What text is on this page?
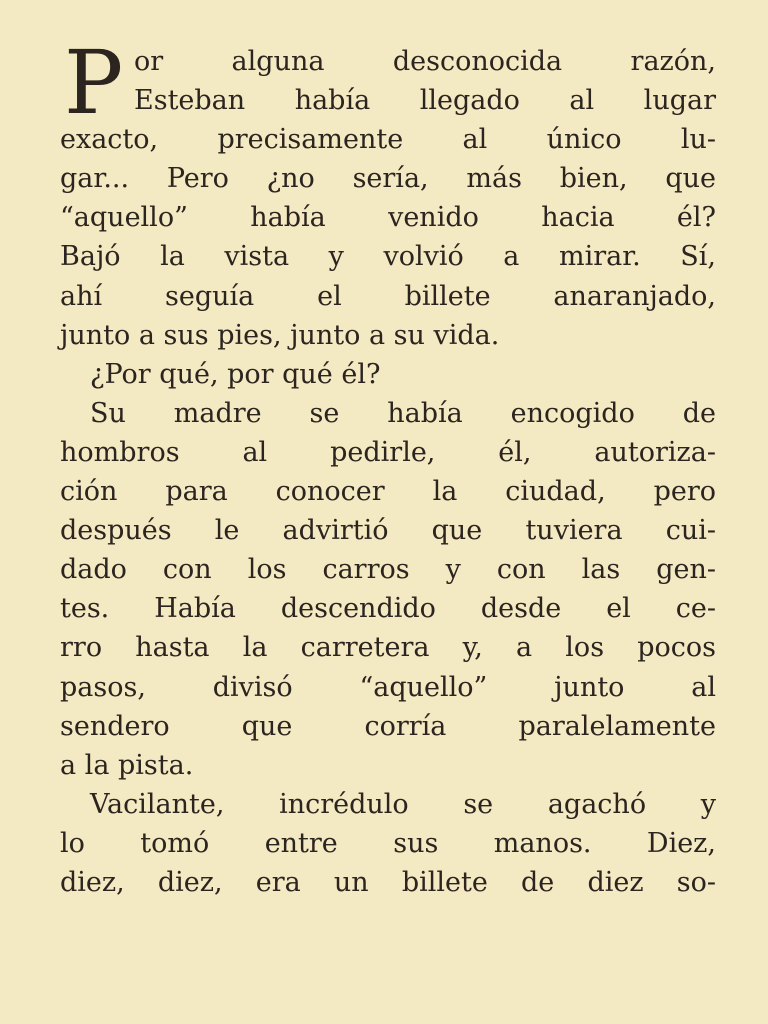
P or alguna desconocida razón,
Esteban había llegado al lugar
exacto, precisamente al único lu-
gar... Pero ¿no sería, más bien, que
“aquello” había venido hacia él?
Bajó la vista y volvió a mirar. Sí,
ahí seguía el billete anaranjado,
junto a sus pies, junto a su vida.
¿Por qué, por qué él?
Su madre se había encogido de
hombros al pedirle, él, autoriza-
ción para conocer la ciudad, pero
después le advirtió que tuviera cui-
dado con los carros y con las gen-
tes. Había descendido desde el ce-
rro hasta la carretera y, a los pocos
pasos, divisó “aquello” junto al
sendero que corría paralelamente
a la pista.
Vacilante, incrédulo se agachó y
lo tomó entre sus manos. Diez,
diez, diez, era un billete de diez so-
